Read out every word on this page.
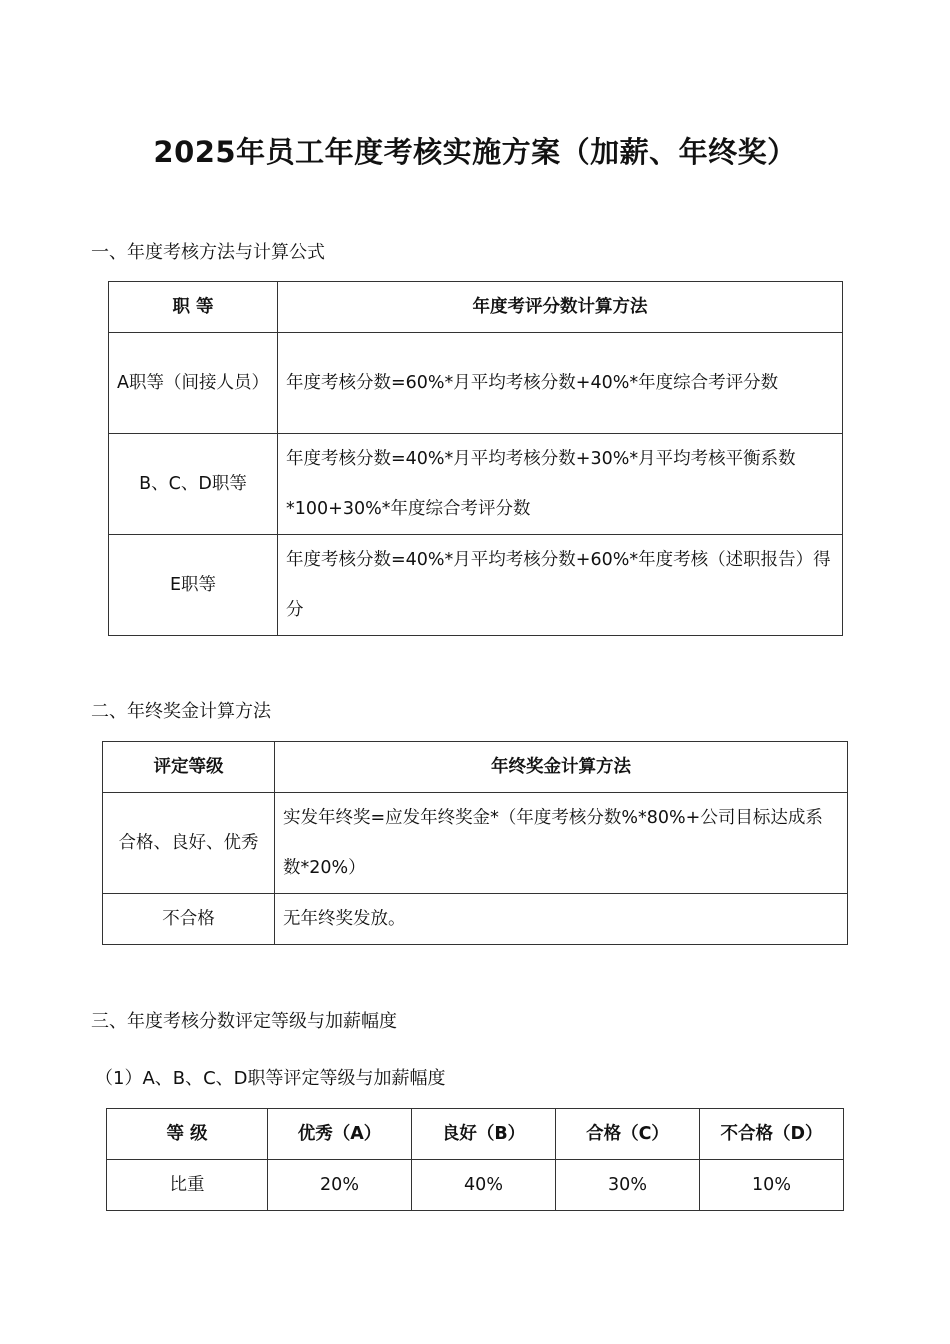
2025年员工年度考核实施方案（加薪、年终奖）
一、年度考核方法与计算公式
职 等	年度考评分数计算方法
A职等（间接人员）	年度考核分数=60%*月平均考核分数+40%*年度综合考评分数
B、C、D职等	年度考核分数=40%*月平均考核分数+30%*月平均考核平衡系数*100+30%*年度综合考评分数
E职等	年度考核分数=40%*月平均考核分数+60%*年度考核（述职报告）得分
二、年终奖金计算方法
评定等级	年终奖金计算方法
合格、良好、优秀	实发年终奖=应发年终奖金*（年度考核分数%*80%+公司目标达成系数*20%）
不合格	无年终奖发放。
三、年度考核分数评定等级与加薪幅度
（1）A、B、C、D职等评定等级与加薪幅度
等 级	优秀（A）	良好（B）	合格（C）	不合格（D）
比重	20%	40%	30%	10%
